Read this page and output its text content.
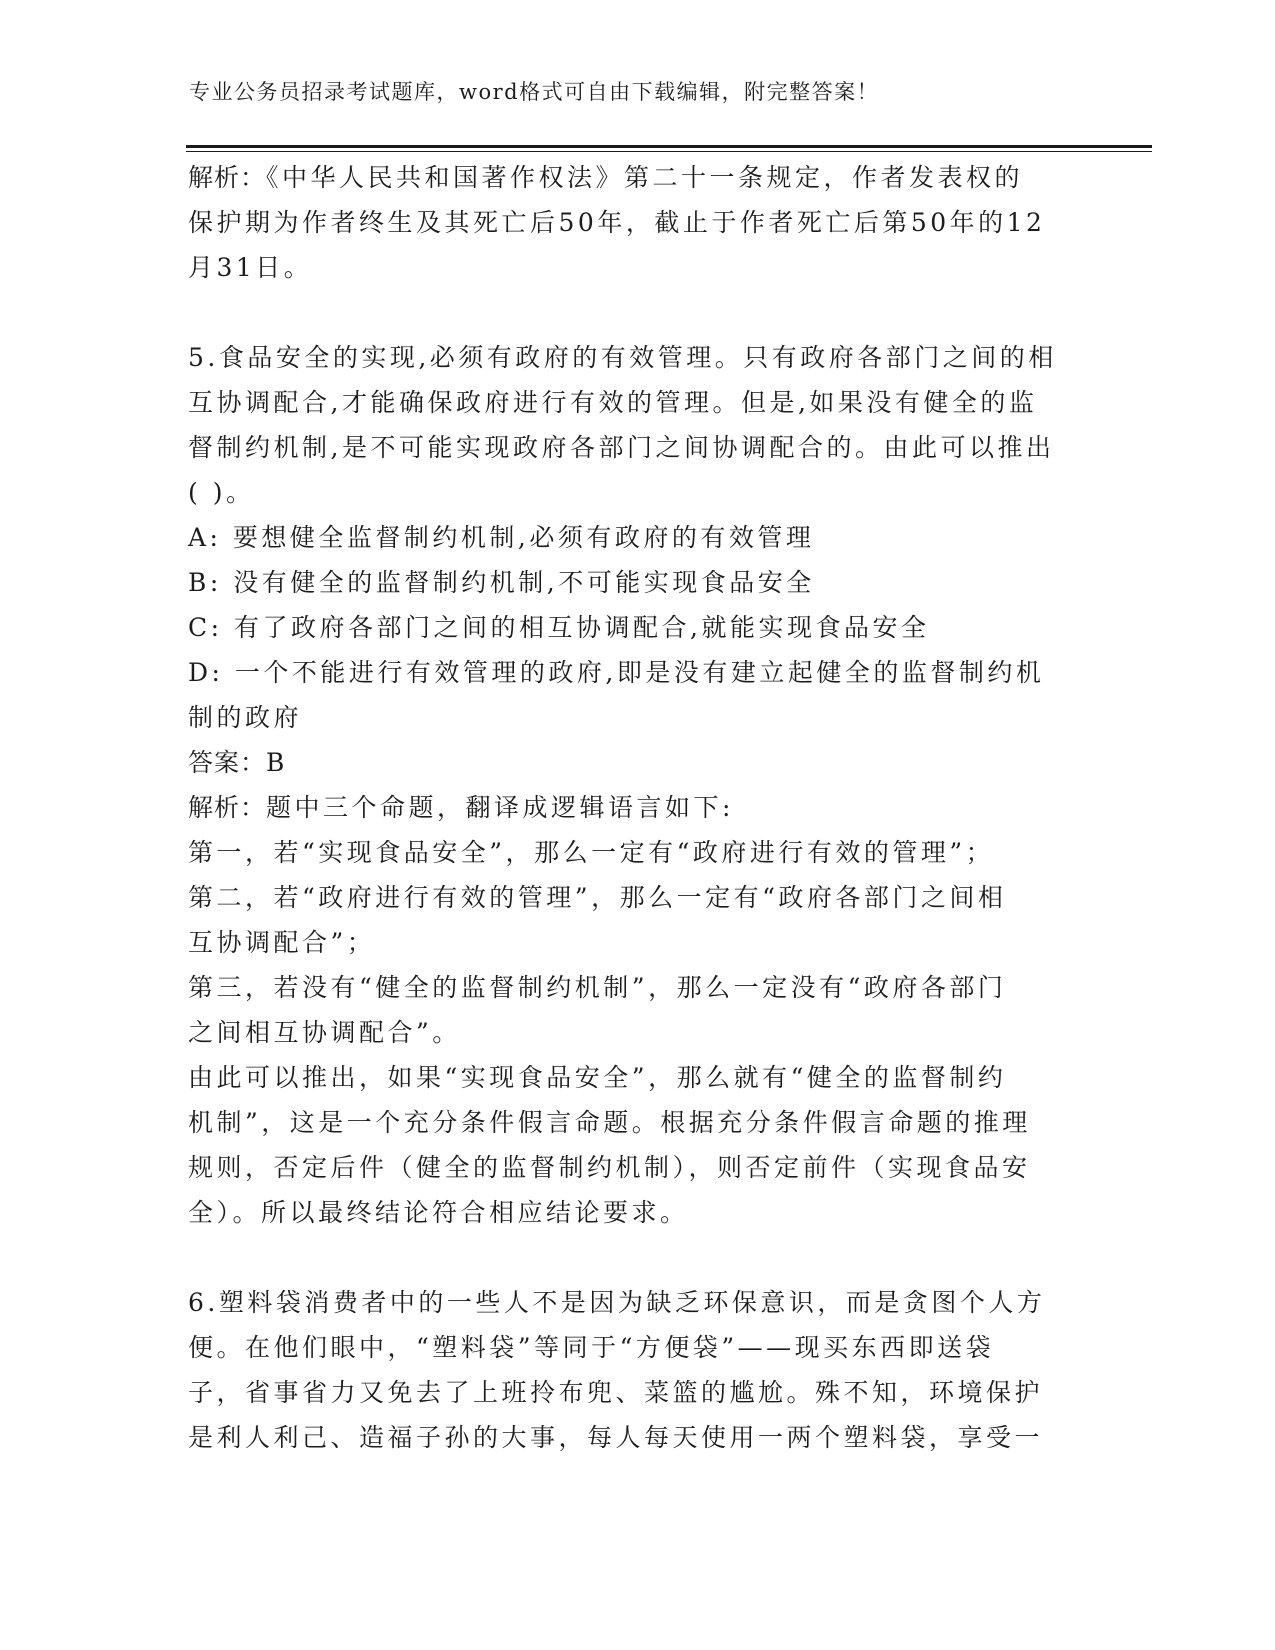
专业公务员招录考试题库，word格式可自由下载编辑，附完整答案！
解析：《中华人民共和国著作权法》第二十一条规定，作者发表权的
保护期为作者终生及其死亡后50年，截止于作者死亡后第50年的12
月31日。
5.食品安全的实现,必须有政府的有效管理。只有政府各部门之间的相
互协调配合,才能确保政府进行有效的管理。但是,如果没有健全的监
督制约机制,是不可能实现政府各部门之间协调配合的。由此可以推出
( )。
A: 要想健全监督制约机制,必须有政府的有效管理
B: 没有健全的监督制约机制,不可能实现食品安全
C: 有了政府各部门之间的相互协调配合,就能实现食品安全
D: 一个不能进行有效管理的政府,即是没有建立起健全的监督制约机
制的政府
答案：B
解析：题中三个命题，翻译成逻辑语言如下:
第一，若“实现食品安全”，那么一定有“政府进行有效的管理”；
第二，若“政府进行有效的管理”，那么一定有“政府各部门之间相
互协调配合”；
第三，若没有“健全的监督制约机制”，那么一定没有“政府各部门
之间相互协调配合”。
由此可以推出，如果“实现食品安全”，那么就有“健全的监督制约
机制”，这是一个充分条件假言命题。根据充分条件假言命题的推理
规则，否定后件（健全的监督制约机制），则否定前件（实现食品安
全）。所以最终结论符合相应结论要求。
6.塑料袋消费者中的一些人不是因为缺乏环保意识，而是贪图个人方
便。在他们眼中，“塑料袋”等同于“方便袋”——现买东西即送袋
子，省事省力又免去了上班拎布兜、菜篮的尴尬。殊不知，环境保护
是利人利己、造福子孙的大事，每人每天使用一两个塑料袋，享受一
